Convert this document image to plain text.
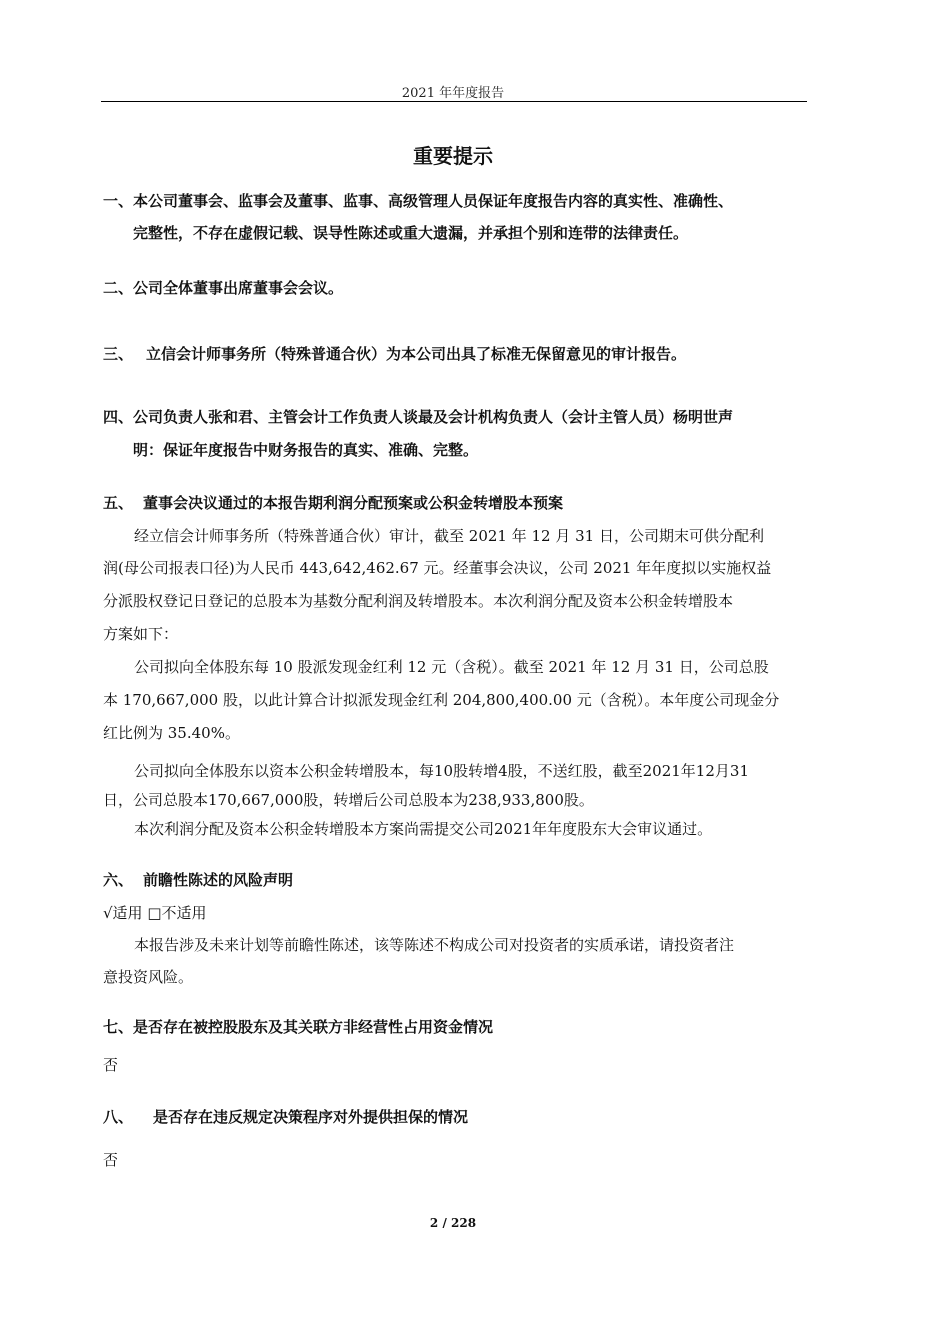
2021 年年度报告
重要提示
一、本公司董事会、监事会及董事、监事、高级管理人员保证年度报告内容的真实性、准确性、
完整性，不存在虚假记载、误导性陈述或重大遗漏，并承担个别和连带的法律责任。
二、公司全体董事出席董事会会议。
三、 立信会计师事务所（特殊普通合伙）为本公司出具了标准无保留意见的审计报告。
四、公司负责人张和君、主管会计工作负责人谈最及会计机构负责人（会计主管人员）杨明世声
明：保证年度报告中财务报告的真实、准确、完整。
五、 董事会决议通过的本报告期利润分配预案或公积金转增股本预案
经立信会计师事务所（特殊普通合伙）审计，截至 2021 年 12 月 31 日，公司期末可供分配利
润(母公司报表口径)为人民币 443,642,462.67 元。经董事会决议，公司 2021 年年度拟以实施权益
分派股权登记日登记的总股本为基数分配利润及转增股本。本次利润分配及资本公积金转增股本
方案如下：
公司拟向全体股东每 10 股派发现金红利 12 元（含税）。截至 2021 年 12 月 31 日，公司总股
本 170,667,000 股，以此计算合计拟派发现金红利 204,800,400.00 元（含税）。本年度公司现金分
红比例为 35.40%。
公司拟向全体股东以资本公积金转增股本，每10股转增4股，不送红股，截至2021年12月31
日，公司总股本170,667,000股，转增后公司总股本为238,933,800股。
本次利润分配及资本公积金转增股本方案尚需提交公司2021年年度股东大会审议通过。
六、 前瞻性陈述的风险声明
√适用 □不适用
本报告涉及未来计划等前瞻性陈述，该等陈述不构成公司对投资者的实质承诺，请投资者注
意投资风险。
七、是否存在被控股股东及其关联方非经营性占用资金情况
否
八、 是否存在违反规定决策程序对外提供担保的情况
否
2 / 228
